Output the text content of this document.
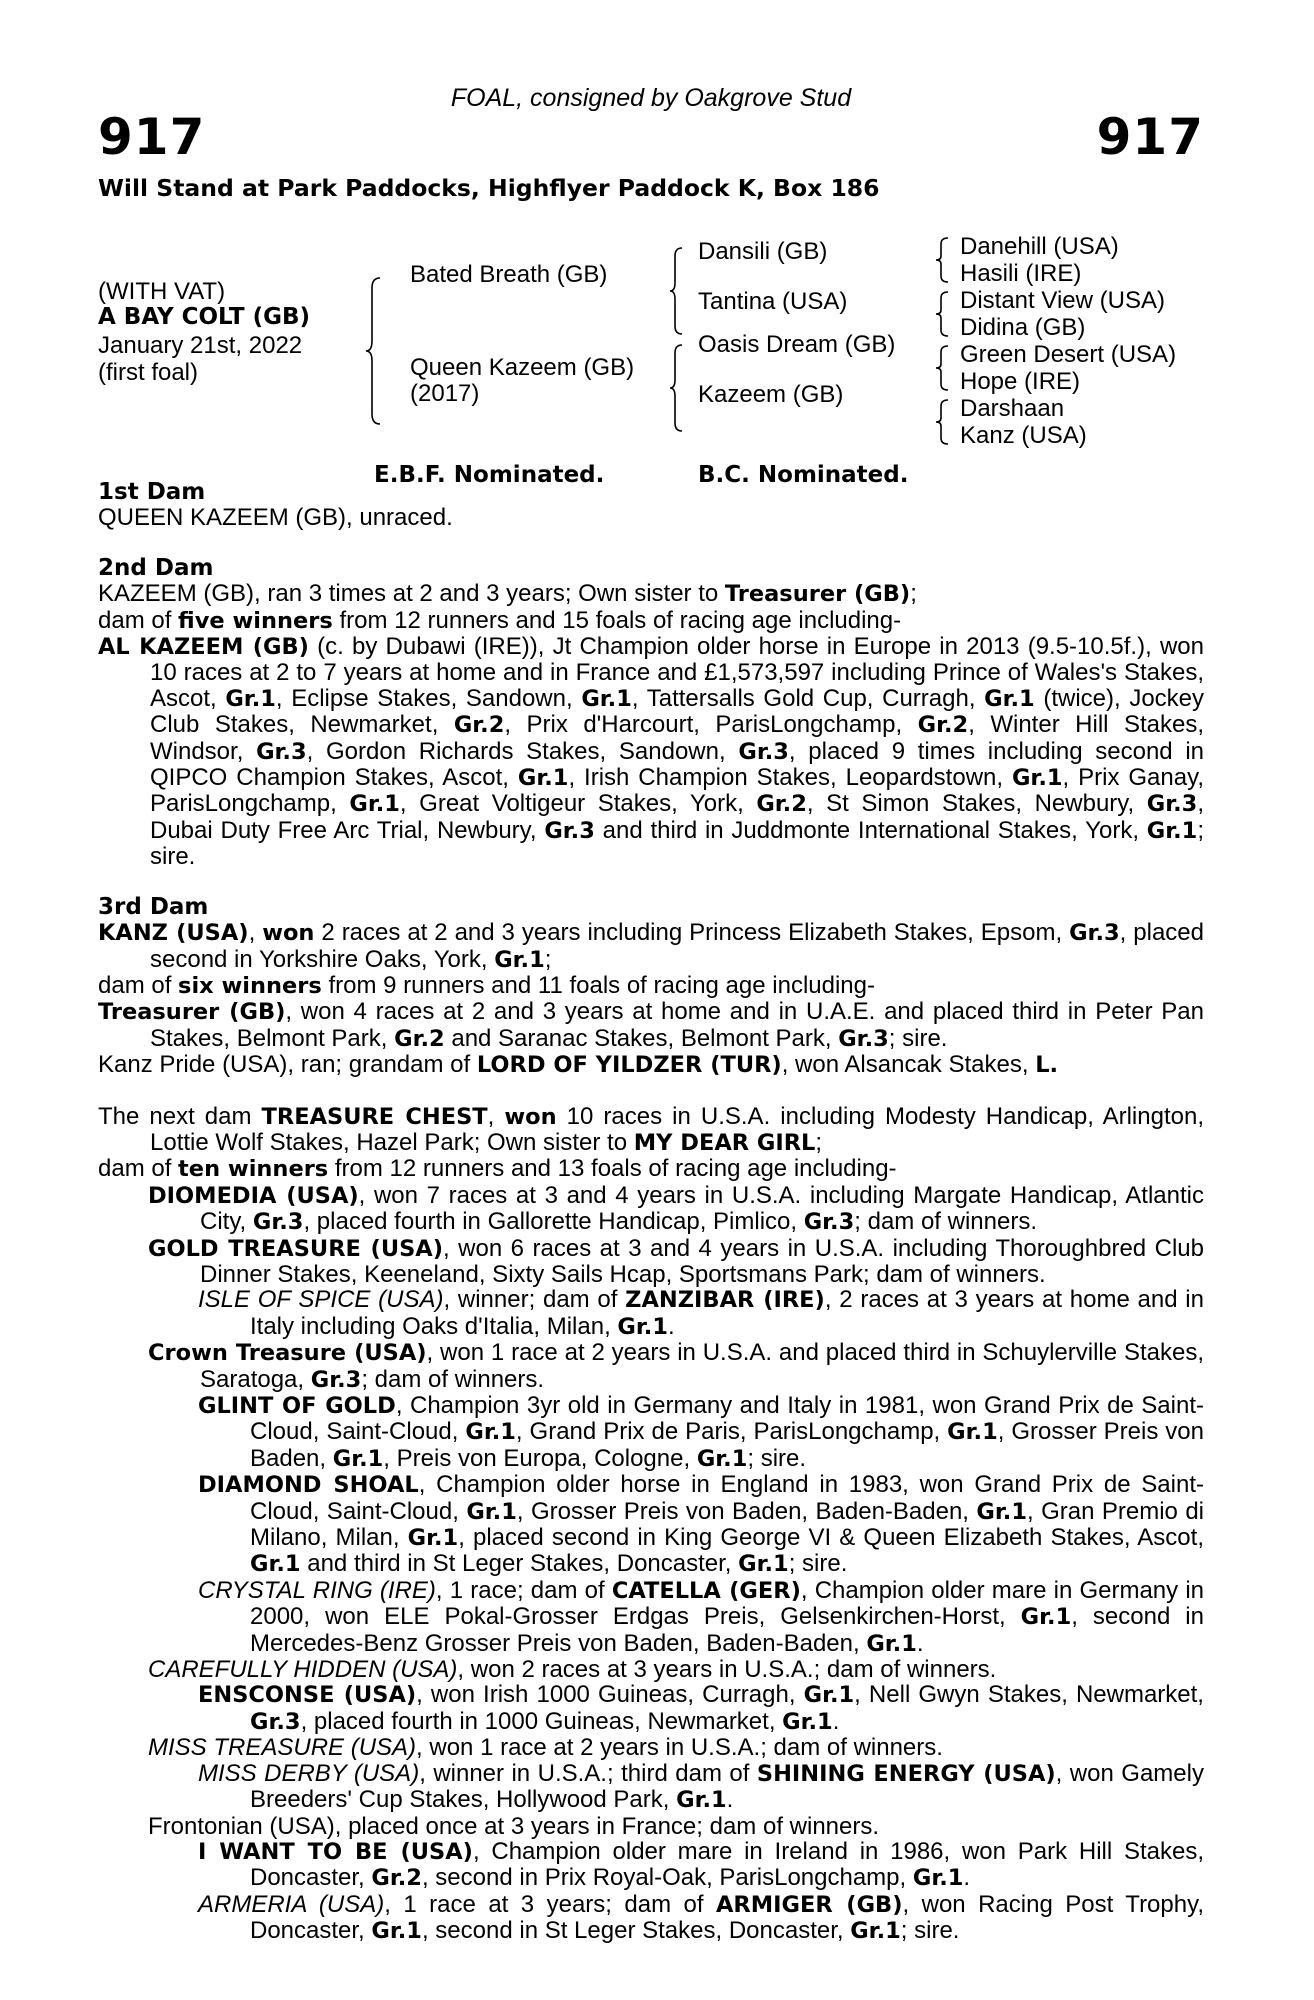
FOAL, consigned by Oakgrove Stud
917	917
Will Stand at Park Paddocks, Highflyer Paddock K, Box 186
(WITH VAT)
A BAY COLT (GB)
January 21st, 2022
(first foal)
Bated Breath (GB)
Queen Kazeem (GB)
(2017)
Dansili (GB)
Tantina (USA)
Oasis Dream (GB)
Kazeem (GB)
Danehill (USA)
Hasili (IRE)
Distant View (USA)
Didina (GB)
Green Desert (USA)
Hope (IRE)
Darshaan
Kanz (USA)
E.B.F. Nominated.	B.C. Nominated.
1st Dam

QUEEN KAZEEM (GB), unraced.

2nd Dam

KAZEEM (GB), ran 3 times at 2 and 3 years; Own sister to Treasurer (GB);

dam of five winners from 12 runners and 15 foals of racing age including-

AL KAZEEM (GB) (c. by Dubawi (IRE)), Jt Champion older horse in Europe in 2013 (9.5-10.5f.), won 10 races at 2 to 7 years at home and in France and £1,573,597 including Prince of Wales's Stakes, Ascot, Gr.1, Eclipse Stakes, Sandown, Gr.1, Tattersalls Gold Cup, Curragh, Gr.1 (twice), Jockey Club Stakes, Newmarket, Gr.2, Prix d'Harcourt, ParisLongchamp, Gr.2, Winter Hill Stakes, Windsor, Gr.3, Gordon Richards Stakes, Sandown, Gr.3, placed 9 times including second in QIPCO Champion Stakes, Ascot, Gr.1, Irish Champion Stakes, Leopardstown, Gr.1, Prix Ganay, ParisLongchamp, Gr.1, Great Voltigeur Stakes, York, Gr.2, St Simon Stakes, Newbury, Gr.3, Dubai Duty Free Arc Trial, Newbury, Gr.3 and third in Juddmonte International Stakes, York, Gr.1; sire.

3rd Dam

KANZ (USA), won 2 races at 2 and 3 years including Princess Elizabeth Stakes, Epsom, Gr.3, placed second in Yorkshire Oaks, York, Gr.1;

dam of six winners from 9 runners and 11 foals of racing age including-

Treasurer (GB), won 4 races at 2 and 3 years at home and in U.A.E. and placed third in Peter Pan Stakes, Belmont Park, Gr.2 and Saranac Stakes, Belmont Park, Gr.3; sire.

Kanz Pride (USA), ran; grandam of LORD OF YILDZER (TUR), won Alsancak Stakes, L.

The next dam TREASURE CHEST, won 10 races in U.S.A. including Modesty Handicap, Arlington, Lottie Wolf Stakes, Hazel Park; Own sister to MY DEAR GIRL;

dam of ten winners from 12 runners and 13 foals of racing age including-

DIOMEDIA (USA), won 7 races at 3 and 4 years in U.S.A. including Margate Handicap, Atlantic City, Gr.3, placed fourth in Gallorette Handicap, Pimlico, Gr.3; dam of winners.

GOLD TREASURE (USA), won 6 races at 3 and 4 years in U.S.A. including Thoroughbred Club Dinner Stakes, Keeneland, Sixty Sails Hcap, Sportsmans Park; dam of winners.

ISLE OF SPICE (USA), winner; dam of ZANZIBAR (IRE), 2 races at 3 years at home and in Italy including Oaks d'Italia, Milan, Gr.1.

Crown Treasure (USA), won 1 race at 2 years in U.S.A. and placed third in Schuylerville Stakes, Saratoga, Gr.3; dam of winners.

GLINT OF GOLD, Champion 3yr old in Germany and Italy in 1981, won Grand Prix de Saint-Cloud, Saint-Cloud, Gr.1, Grand Prix de Paris, ParisLongchamp, Gr.1, Grosser Preis von Baden, Gr.1, Preis von Europa, Cologne, Gr.1; sire.

DIAMOND SHOAL, Champion older horse in England in 1983, won Grand Prix de Saint-Cloud, Saint-Cloud, Gr.1, Grosser Preis von Baden, Baden-Baden, Gr.1, Gran Premio di Milano, Milan, Gr.1, placed second in King George VI & Queen Elizabeth Stakes, Ascot, Gr.1 and third in St Leger Stakes, Doncaster, Gr.1; sire.

CRYSTAL RING (IRE), 1 race; dam of CATELLA (GER), Champion older mare in Germany in 2000, won ELE Pokal-Grosser Erdgas Preis, Gelsenkirchen-Horst, Gr.1, second in Mercedes-Benz Grosser Preis von Baden, Baden-Baden, Gr.1.

CAREFULLY HIDDEN (USA), won 2 races at 3 years in U.S.A.; dam of winners.

ENSCONSE (USA), won Irish 1000 Guineas, Curragh, Gr.1, Nell Gwyn Stakes, Newmarket, Gr.3, placed fourth in 1000 Guineas, Newmarket, Gr.1.

MISS TREASURE (USA), won 1 race at 2 years in U.S.A.; dam of winners.

MISS DERBY (USA), winner in U.S.A.; third dam of SHINING ENERGY (USA), won Gamely Breeders' Cup Stakes, Hollywood Park, Gr.1.

Frontonian (USA), placed once at 3 years in France; dam of winners.

I WANT TO BE (USA), Champion older mare in Ireland in 1986, won Park Hill Stakes, Doncaster, Gr.2, second in Prix Royal-Oak, ParisLongchamp, Gr.1.

ARMERIA (USA), 1 race at 3 years; dam of ARMIGER (GB), won Racing Post Trophy, Doncaster, Gr.1, second in St Leger Stakes, Doncaster, Gr.1; sire.
